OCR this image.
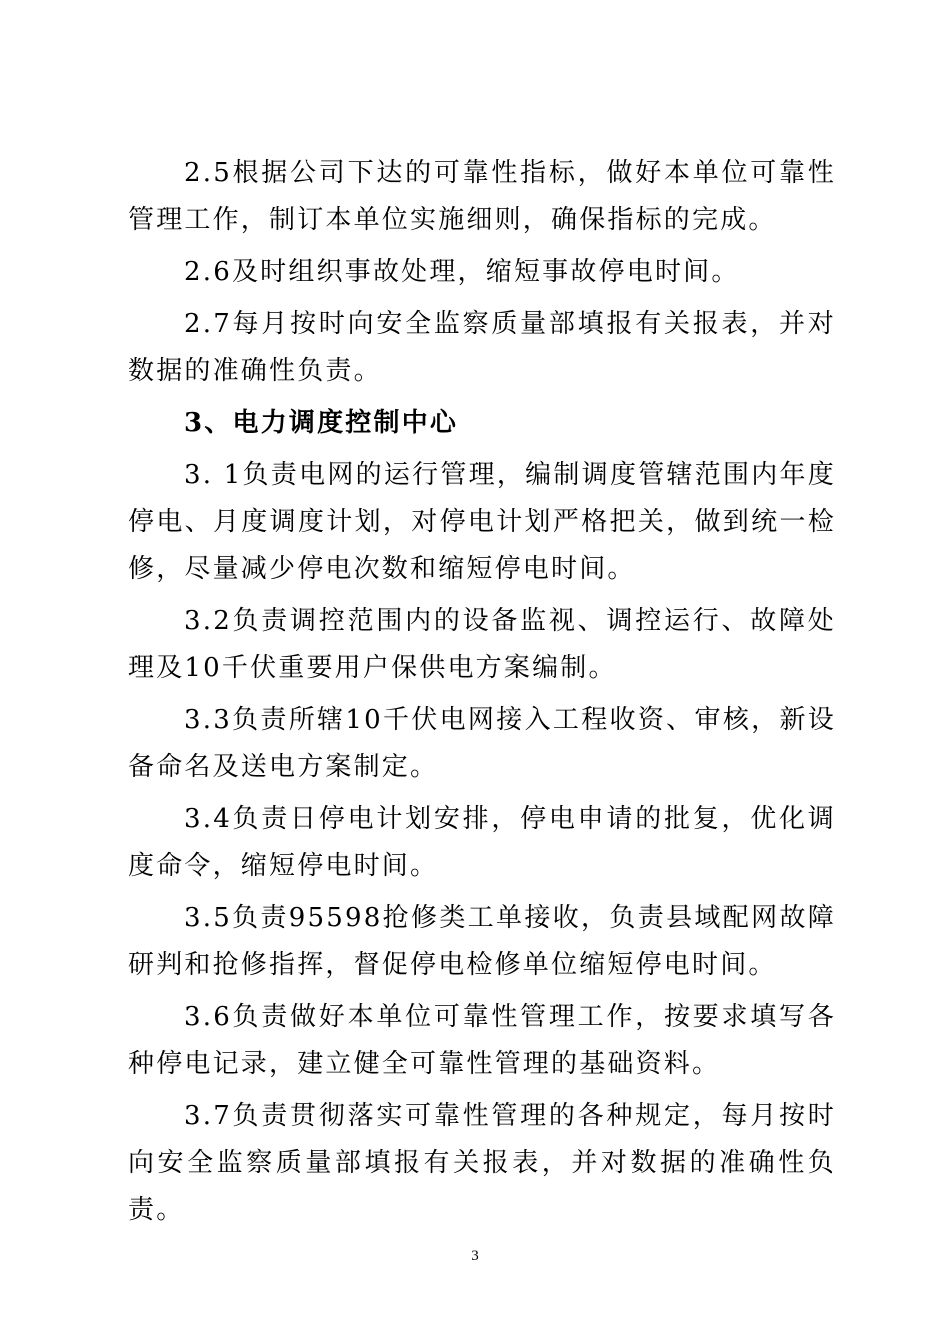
2.5根据公司下达的可靠性指标，做好本单位可靠性管理工作，制订本单位实施细则，确保指标的完成。

2.6及时组织事故处理，缩短事故停电时间。

2.7每月按时向安全监察质量部填报有关报表，并对数据的准确性负责。

3、电力调度控制中心

3. 1负责电网的运行管理，编制调度管辖范围内年度停电、月度调度计划，对停电计划严格把关，做到统一检修，尽量减少停电次数和缩短停电时间。

3.2负责调控范围内的设备监视、调控运行、故障处理及10千伏重要用户保供电方案编制。

3.3负责所辖10千伏电网接入工程收资、审核，新设备命名及送电方案制定。

3.4负责日停电计划安排，停电申请的批复，优化调度命令，缩短停电时间。

3.5负责95598抢修类工单接收，负责县域配网故障研判和抢修指挥，督促停电检修单位缩短停电时间。

3.6负责做好本单位可靠性管理工作，按要求填写各种停电记录，建立健全可靠性管理的基础资料。

3.7负责贯彻落实可靠性管理的各种规定，每月按时向安全监察质量部填报有关报表，并对数据的准确性负责。

3
